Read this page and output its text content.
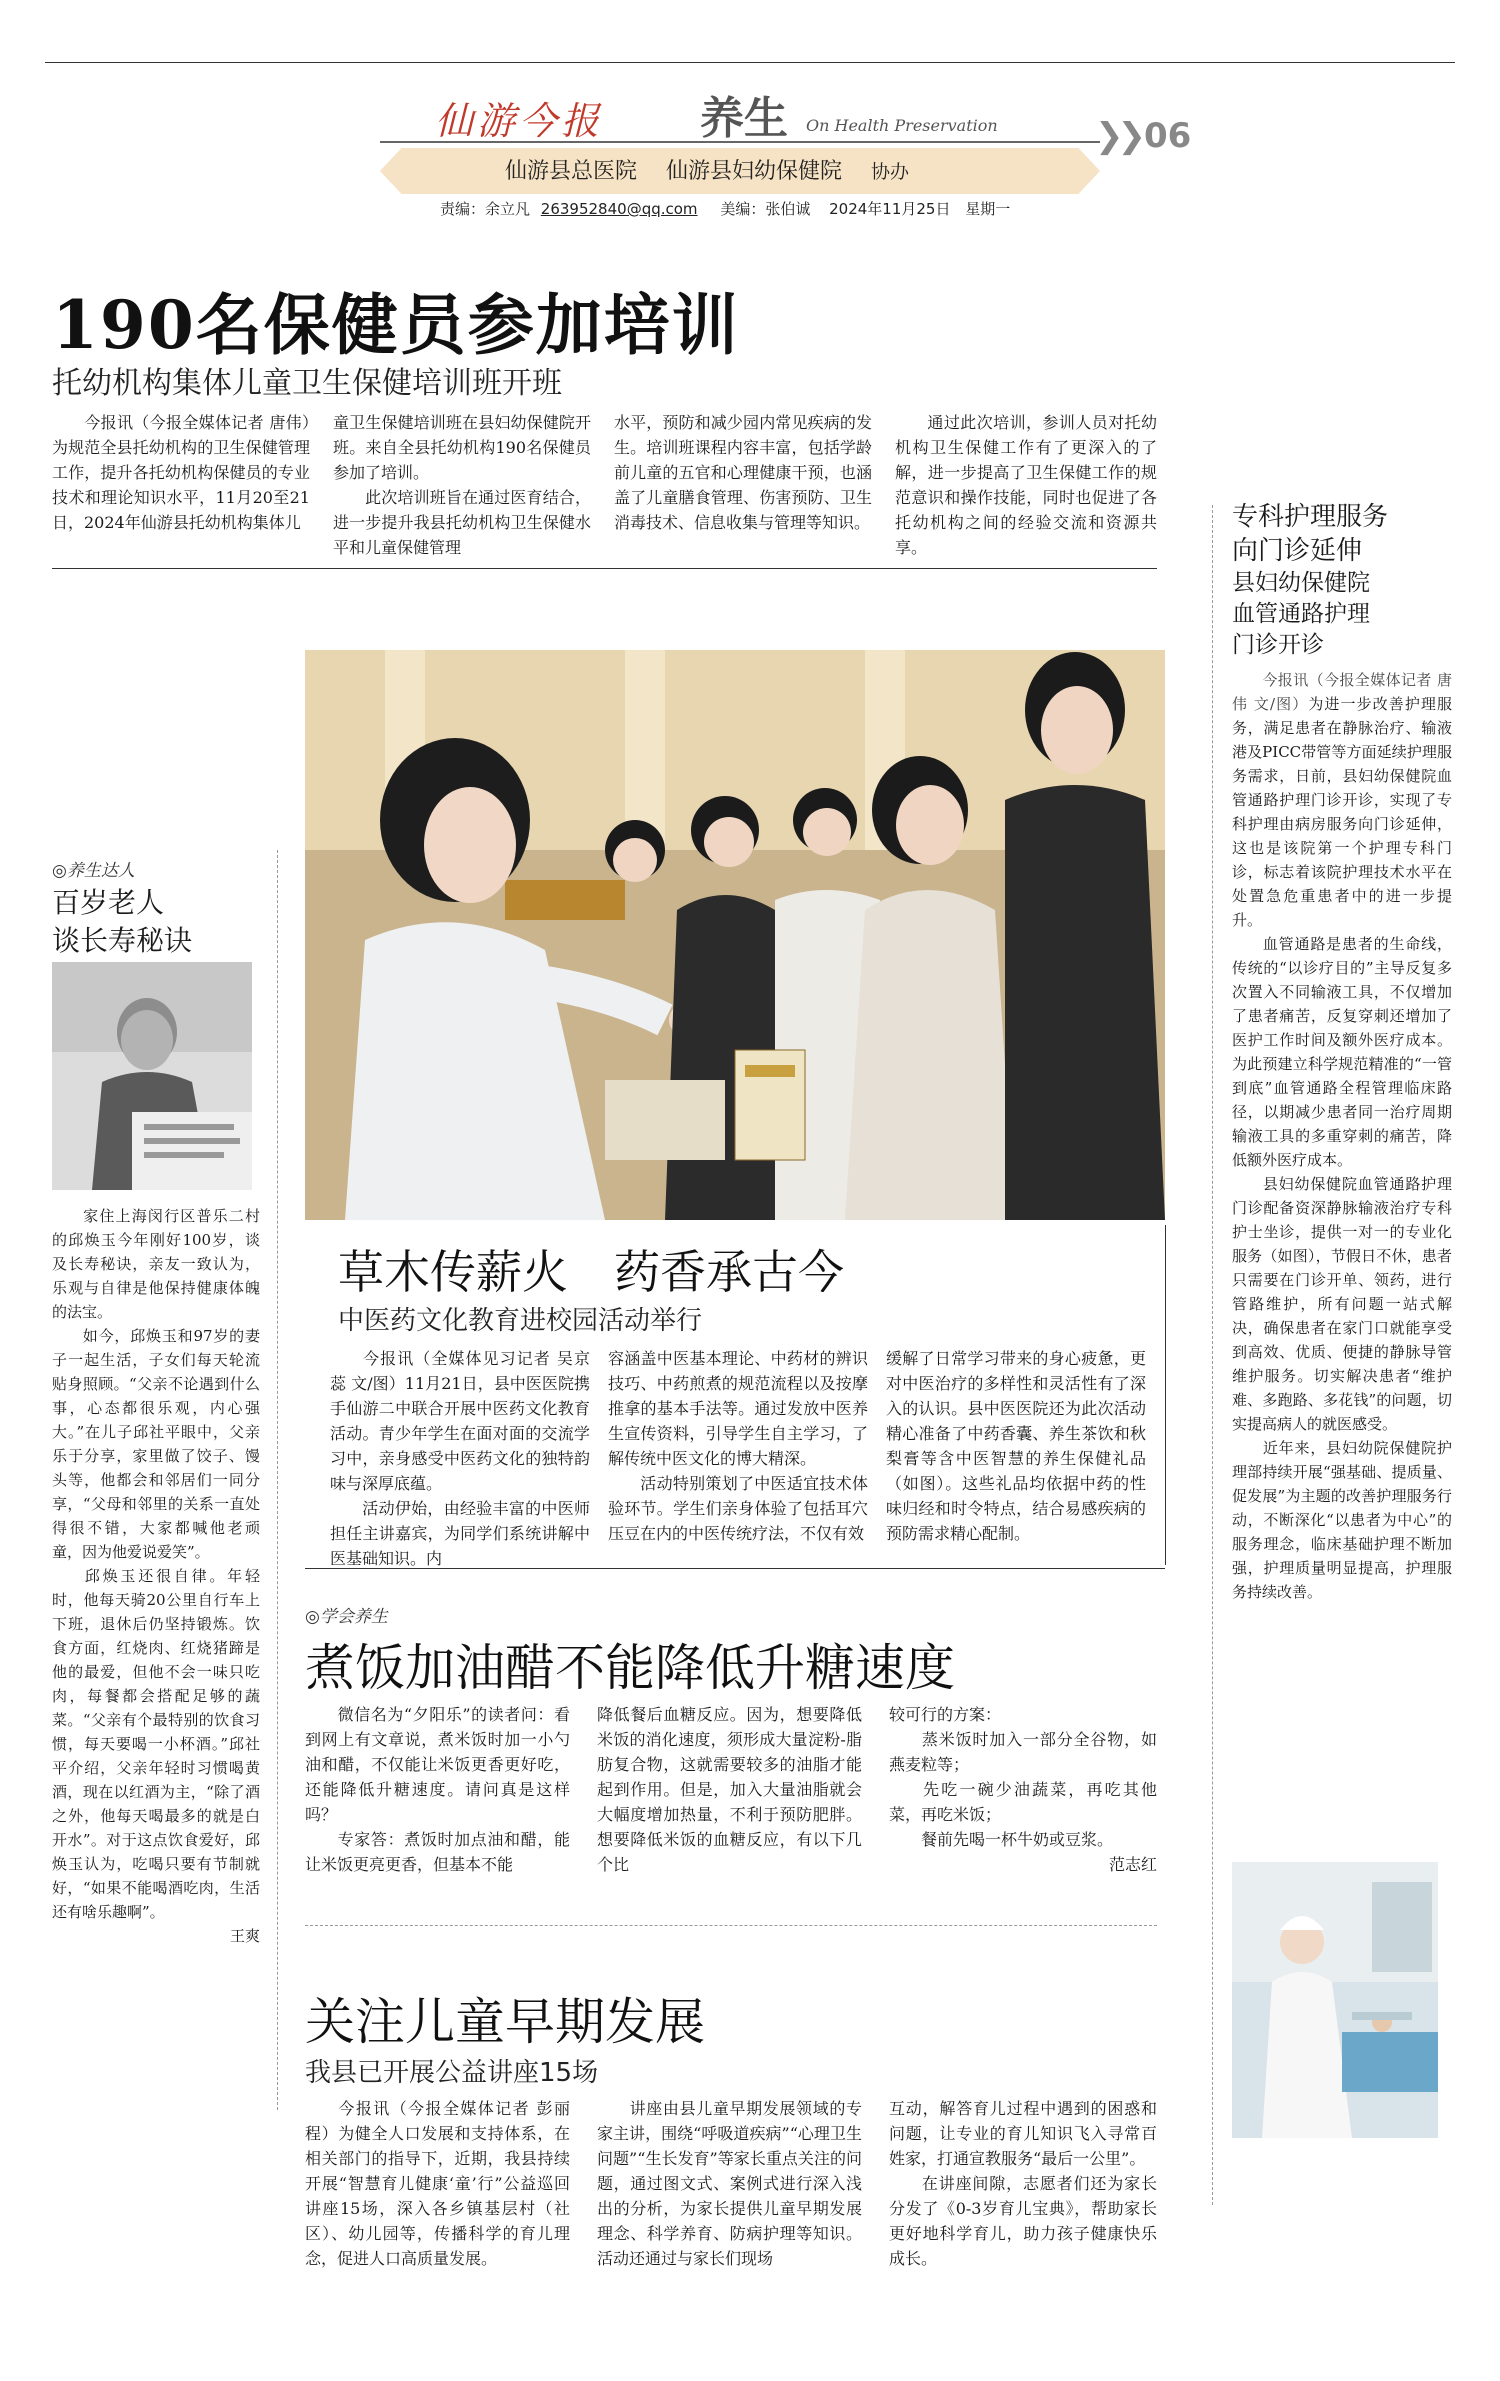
仙游今报 养生 On Health Preservation	❯❯ 06
仙游县总医院 仙游县妇幼保健院 协办
责编：余立凡 263952840@qq.com 美编：张伯诚 2024年11月25日 星期一
190名保健员参加培训
托幼机构集体儿童卫生保健培训班开班

今报讯（今报全媒体记者 唐伟）为规范全县托幼机构的卫生保健管理工作，提升各托幼机构保健员的专业技术和理论知识水平，11月20至21日，2024年仙游县托幼机构集体儿

童卫生保健培训班在县妇幼保健院开班。来自全县托幼机构190名保健员参加了培训。

此次培训班旨在通过医育结合，进一步提升我县托幼机构卫生保健水平和儿童保健管理

水平，预防和减少园内常见疾病的发生。培训班课程内容丰富，包括学龄前儿童的五官和心理健康干预，也涵盖了儿童膳食管理、伤害预防、卫生消毒技术、信息收集与管理等知识。

通过此次培训，参训人员对托幼机构卫生保健工作有了更深入的了解，进一步提高了卫生保健工作的规范意识和操作技能，同时也促进了各托幼机构之间的经验交流和资源共享。

专科护理服务
向门诊延伸
县妇幼保健院
血管通路护理
门诊开诊

今报讯（今报全媒体记者 唐伟 文/图）为进一步改善护理服务，满足患者在静脉治疗、输液港及PICC带管等方面延续护理服务需求，日前，县妇幼保健院血管通路护理门诊开诊，实现了专科护理由病房服务向门诊延伸，这也是该院第一个护理专科门诊，标志着该院护理技术水平在处置急危重患者中的进一步提升。

血管通路是患者的生命线，传统的“以诊疗目的”主导反复多次置入不同输液工具，不仅增加了患者痛苦，反复穿刺还增加了医护工作时间及额外医疗成本。为此预建立科学规范精准的“一管到底”血管通路全程管理临床路径，以期减少患者同一治疗周期输液工具的多重穿刺的痛苦，降低额外医疗成本。

县妇幼保健院血管通路护理门诊配备资深静脉输液治疗专科护士坐诊，提供一对一的专业化服务（如图），节假日不休，患者只需要在门诊开单、领药，进行管路维护，所有问题一站式解决，确保患者在家门口就能享受到高效、优质、便捷的静脉导管维护服务。切实解决患者“维护难、多跑路、多花钱”的问题，切实提高病人的就医感受。

近年来，县妇幼院保健院护理部持续开展“强基础、提质量、促发展”为主题的改善护理服务行动，不断深化“以患者为中心”的服务理念，临床基础护理不断加强，护理质量明显提高，护理服务持续改善。

草木传薪火　药香承古今
中医药文化教育进校园活动举行

今报讯（全媒体见习记者 吴京蕊 文/图）11月21日，县中医医院携手仙游二中联合开展中医药文化教育活动。青少年学生在面对面的交流学习中，亲身感受中医药文化的独特韵味与深厚底蕴。

活动伊始，由经验丰富的中医师担任主讲嘉宾，为同学们系统讲解中医基础知识。内

容涵盖中医基本理论、中药材的辨识技巧、中药煎煮的规范流程以及按摩推拿的基本手法等。通过发放中医养生宣传资料，引导学生自主学习，了解传统中医文化的博大精深。

活动特别策划了中医适宜技术体验环节。学生们亲身体验了包括耳穴压豆在内的中医传统疗法，不仅有效

缓解了日常学习带来的身心疲惫，更对中医治疗的多样性和灵活性有了深入的认识。县中医医院还为此次活动精心准备了中药香囊、养生茶饮和秋梨膏等含中医智慧的养生保健礼品（如图）。这些礼品均依据中药的性味归经和时令特点，结合易感疾病的预防需求精心配制。

◎养生达人
百岁老人
谈长寿秘诀

家住上海闵行区普乐二村的邱焕玉今年刚好100岁，谈及长寿秘诀，亲友一致认为，乐观与自律是他保持健康体魄的法宝。

如今，邱焕玉和97岁的妻子一起生活，子女们每天轮流贴身照顾。“父亲不论遇到什么事，心态都很乐观，内心强大。”在儿子邱社平眼中，父亲乐于分享，家里做了饺子、馒头等，他都会和邻居们一同分享，“父母和邻里的关系一直处得很不错，大家都喊他老顽童，因为他爱说爱笑”。

邱焕玉还很自律。年轻时，他每天骑20公里自行车上下班，退休后仍坚持锻炼。饮食方面，红烧肉、红烧猪蹄是他的最爱，但他不会一味只吃肉，每餐都会搭配足够的蔬菜。“父亲有个最特别的饮食习惯，每天要喝一小杯酒。”邱社平介绍，父亲年轻时习惯喝黄酒，现在以红酒为主，“除了酒之外，他每天喝最多的就是白开水”。对于这点饮食爱好，邱焕玉认为，吃喝只要有节制就好，“如果不能喝酒吃肉，生活还有啥乐趣啊”。

王爽

◎学会养生
煮饭加油醋不能降低升糖速度

微信名为“夕阳乐”的读者问：看到网上有文章说，煮米饭时加一小勺油和醋，不仅能让米饭更香更好吃，还能降低升糖速度。请问真是这样吗？

专家答：煮饭时加点油和醋，能让米饭更亮更香，但基本不能

降低餐后血糖反应。因为，想要降低米饭的消化速度，须形成大量淀粉-脂肪复合物，这就需要较多的油脂才能起到作用。但是，加入大量油脂就会大幅度增加热量，不利于预防肥胖。想要降低米饭的血糖反应，有以下几个比

较可行的方案：

蒸米饭时加入一部分全谷物，如燕麦粒等；

先吃一碗少油蔬菜，再吃其他菜，再吃米饭；

餐前先喝一杯牛奶或豆浆。

范志红

关注儿童早期发展
我县已开展公益讲座15场

今报讯（今报全媒体记者 彭丽程）为健全人口发展和支持体系，在相关部门的指导下，近期，我县持续开展“智慧育儿健康‘童’行”公益巡回讲座15场，深入各乡镇基层村（社区）、幼儿园等，传播科学的育儿理念，促进人口高质量发展。

讲座由县儿童早期发展领域的专家主讲，围绕“呼吸道疾病”“心理卫生问题”“生长发育”等家长重点关注的问题，通过图文式、案例式进行深入浅出的分析，为家长提供儿童早期发展理念、科学养育、防病护理等知识。活动还通过与家长们现场

互动，解答育儿过程中遇到的困惑和问题，让专业的育儿知识飞入寻常百姓家，打通宣教服务“最后一公里”。

在讲座间隙，志愿者们还为家长分发了《0-3岁育儿宝典》，帮助家长更好地科学育儿，助力孩子健康快乐成长。
